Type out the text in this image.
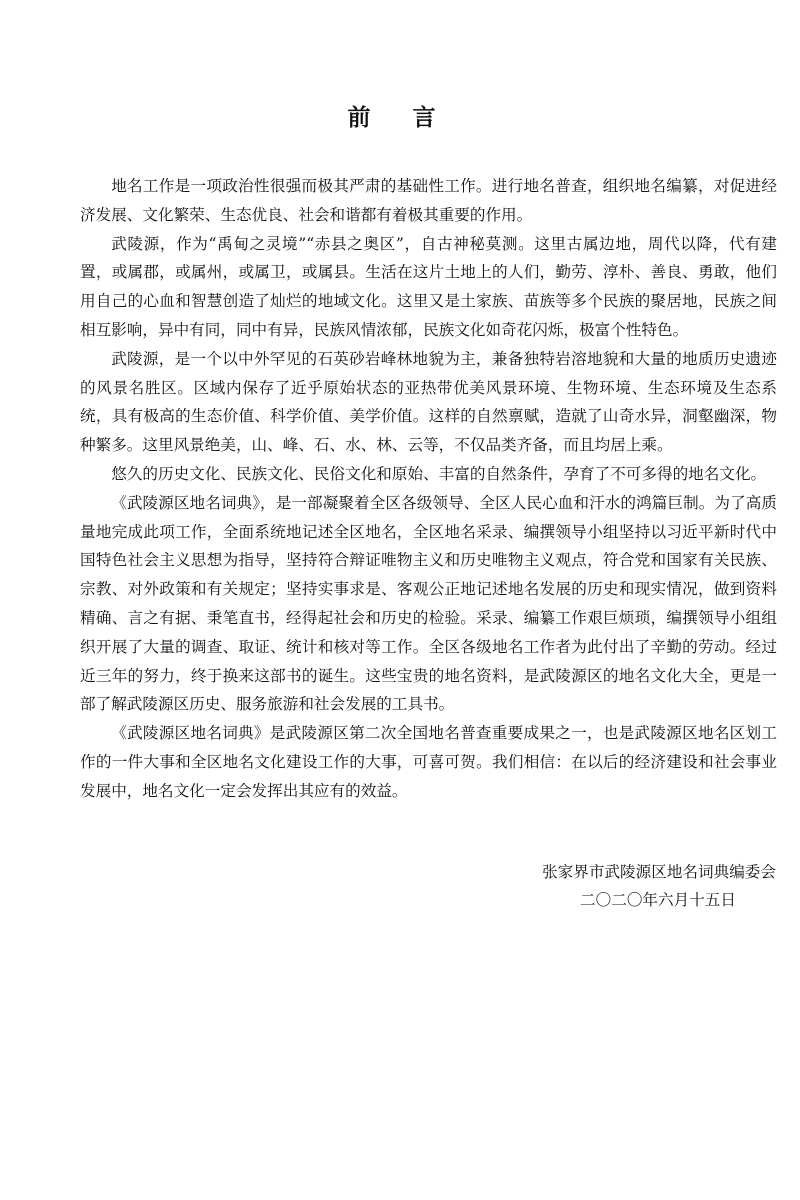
前 言

地名工作是一项政治性很强而极其严肃的基础性工作。进行地名普查，组织地名编纂，对促进经济发展、文化繁荣、生态优良、社会和谐都有着极其重要的作用。

武陵源，作为“禹甸之灵境”“赤县之奥区”，自古神秘莫测。这里古属边地，周代以降，代有建置，或属郡，或属州，或属卫，或属县。生活在这片土地上的人们，勤劳、淳朴、善良、勇敢，他们用自己的心血和智慧创造了灿烂的地域文化。这里又是土家族、苗族等多个民族的聚居地，民族之间相互影响，异中有同，同中有异，民族风情浓郁，民族文化如奇花闪烁，极富个性特色。

武陵源，是一个以中外罕见的石英砂岩峰林地貌为主，兼备独特岩溶地貌和大量的地质历史遗迹的风景名胜区。区域内保存了近乎原始状态的亚热带优美风景环境、生物环境、生态环境及生态系统，具有极高的生态价值、科学价值、美学价值。这样的自然禀赋，造就了山奇水异，洞壑幽深，物种繁多。这里风景绝美，山、峰、石、水、林、云等，不仅品类齐备，而且均居上乘。

悠久的历史文化、民族文化、民俗文化和原始、丰富的自然条件，孕育了不可多得的地名文化。

《武陵源区地名词典》，是一部凝聚着全区各级领导、全区人民心血和汗水的鸿篇巨制。为了高质量地完成此项工作，全面系统地记述全区地名，全区地名采录、编撰领导小组坚持以习近平新时代中国特色社会主义思想为指导，坚持符合辩证唯物主义和历史唯物主义观点，符合党和国家有关民族、宗教、对外政策和有关规定；坚持实事求是、客观公正地记述地名发展的历史和现实情况，做到资料精确、言之有据、秉笔直书，经得起社会和历史的检验。采录、编纂工作艰巨烦琐，编撰领导小组组织开展了大量的调查、取证、统计和核对等工作。全区各级地名工作者为此付出了辛勤的劳动。经过近三年的努力，终于换来这部书的诞生。这些宝贵的地名资料，是武陵源区的地名文化大全，更是一部了解武陵源区历史、服务旅游和社会发展的工具书。

《武陵源区地名词典》是武陵源区第二次全国地名普查重要成果之一，也是武陵源区地名区划工作的一件大事和全区地名文化建设工作的大事，可喜可贺。我们相信：在以后的经济建设和社会事业发展中，地名文化一定会发挥出其应有的效益。

张家界市武陵源区地名词典编委会
二〇二〇年六月十五日
